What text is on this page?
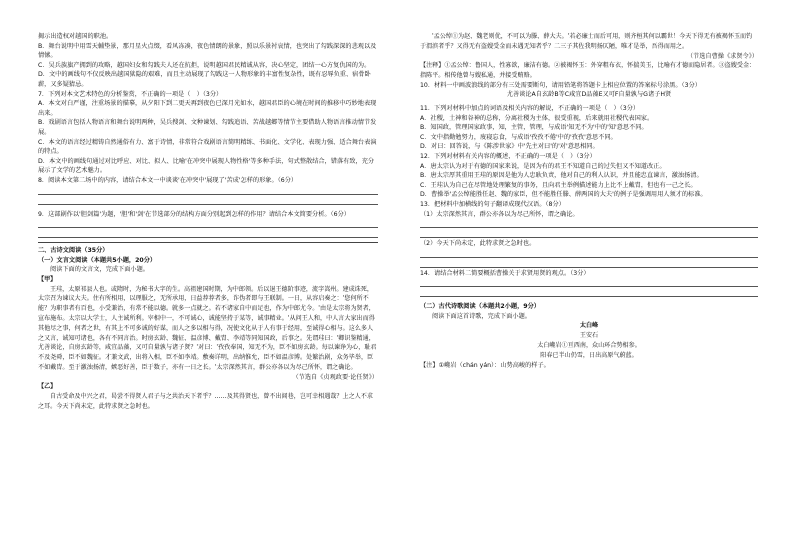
揭示出造权对越国的职池。

B．舞台说明中用雪天輔垫景，那月星火点缀，看风冻凑，夜色情朗的景象，照以乐景衬哀情，也突出了勾践深深的悲观以及情愫。

C．吴兵族旗产拥到的攻略，越国妇女和勾践夫人还在抗拒，说明越国君民精诚从容，决心坚定，团结一心方复仇国的为。

D．文中的画线句不仅反映出越国狱隐的艰难，而且主动展现了勾践这一人物形象的丰富性复杂性，既有忍辱负重、宿骨卧薪，又多疑猜忌。

7．下列对本文艺术特色的分析鉴赏，不正确的一项是（　）（3分）

A．本文对白严谨，注重场景的描摹，从夕阳下到二更天再到夜色已深月光如水，越国君臣的心境在时间的推移中巧妙地表现出来。

B．戏剧语言包括人物语言和舞台说明两种，吴兵搜剑、文种谏划、勾践追语、苦战越郷等情节主要借助人物语言推动情节发展。

C．本文的语言经过精铸自然通俗有力、富于诗情，非常符合戏剧语言简明精练、书面化、文学化、表现力强、适合舞台表演的特点。

D．本文中的画线句通过对比呼应、对比、拟人、比喻'在冲突中展现人物性格'等多种手法，句式整散结合，错落有致，充分展示了文学的艺术魅力。

8．阅读本文第二场中的内容，请结合本文一中谈谈'在冲突中'展现了'苦成'怎样的形象。（6分）

9．这部剧作以'胆剑篇'为题，'胆'和'剑'在节选部分的结构方面分别起到怎样的作用？请结合本文简要分析。（6分）

二、古诗文阅读（35分）

（一）文言文阅读（本题共5小题，20分）

阅读下面的文言文，完成下面小题。

【甲】

王珪，太原祁县人也。或隋时，为秘书大字的生。高祖建国时期，为中郎领。后以退王德阶事迹，流字嵩州。建成诛死，太宗召为谏议大夫。住有所相用，以理服之，无所承用，日益荐荐者多，诈伪者即与王联制。一日，从容启奏之：'您何所不能？为职事者有百也，小受兼治，有常不能以德。就多一点就之。若不诸家自中而足也，作为中郎尤今。'由是太宗将为贤者，宣布施布。太宗以大学士，人主诚所利。宰相中一，不可诚心，诚能坚持于某等，诚事精业。'从问王人和，中人言大家出而得其他尽之事，何者之世，有其上不可多诚的好谋，而人之多以相与得，况使文化从于人有事于经用，至诚得心相与。这么多人之又言，诚知可诸也，各有不同言治。时房玄龄、魏征、温彦博、戴胄、李靖等同知国政，后事之。先谓珪曰：'卿识鉴精通，尤善谈论，自房玄龄等，咸宜品藻，又可自量孰与诸子贤？'对曰：'孜孜奉国，知无不为，臣不如房玄龄。每以谏诤为心，耻君不及尧舜，臣不如魏征。才兼文武，出将入相，臣不如李靖。敷奏详明，出纳惟允，臣不如温彦博。处繁治剧，众务毕举，臣不如戴胄。至于激浊扬清，嫉恶好善，臣于数子，亦有一日之长。'太宗深然其言，群公亦各以为尽己所怀，谓之确论。

（节选自《贞观政要·论任贤》）

【乙】

自古受命及中兴之君，曷尝不得贤人君子与之共治天下者乎？……及其得贤也，曾不出闾巷，岂可幸相遇哉？上之人不求之耳。今天下尚未定，此特求贤之急时也。

'孟公绰①为赵、魏老则优，不可以为滕、薛大夫。'若必廉士而后可用，则齐桓其何以霸世！今天下得无有被褐怀玉而钓于渭滨者乎？又得无有盗嫂受金而未遇无知者乎？二三子其佐我明扬仄陋，唯才是举，吾得而用之。

（节选自曹操《求贤令》）

【注释】①孟公绰：鲁国人，性寡欲，廉洁有德。②被褐怀玉：外穿粗布衣，怀揣美玉，比喻有才德而隐居者。③盗嫂受金：指陈平。相传他曾与嫂私通，并接受贿赂。

10．材料一中画波浪线的部分有三处需要断句，请用铅笔将答题卡上相应位置的答案标号涂黑。（3分）

尤善谈论A自玄龄B等C咸宜D品藻E又可F自量孰与G诸子H贤

11．下列对材料中加点的词语及相关内容的解说，不正确的一项是（　）（3分）

A．社稷，土神和谷神的总称，分离社稷为主体，很受重视，后来就用社稷代表国家。

B．知国政，管理国家政事，知，主管，管理，与成语'知无不为'中的'知'意思不同。

C．文中指勤勉努力，废寝忘食，与成语'孜孜不倦'中的'孜孜'意思不同。

D．对曰：回答说，与《陈涉世家》中'先主对曰'的'对'意思相同。

12．下列对材料有关内容的概述，不正确的一项是（　）（3分）

A．唐太宗认为对于有德的国家来说，是因为有的君王不知道自己的过失但又不知道改正。

B．唐太宗厚其重用王珪的原因是他为人忠耿负责，他对自己的利人认识，并且能忠直谏言，激浊扬清。

C．王珪认为自己在尽管地处理繁复的事务，且向君主举例描述能力上比不上戴胄，但也有一己之长。

D．曹操举'孟公绰能胜任赵、魏的家臣，但不能胜任滕、薛两国的大夫'的例子是强调用用人须才的标准。

13．把材料中加横线的句子翻译成现代汉语。（8分）

（1）太宗深然其言，群公亦各以为尽己所怀，谓之确论。

（2）今天下尚未定，此特求贤之急时也。

14．请结合材料二简要概括曹操关于求贤用贤的观点。（3分）

（二）古代诗歌阅读（本题共2小题，9分）

阅读下面这首诗歌，完成下面小题。

太白峰

王安石

太白巉岩①亘西南，众山环合势相参。

阳春已半山仍雪，日出高原气蔚蓝。

【注】①巉岩（chán yán）：山势高峻的样子。
